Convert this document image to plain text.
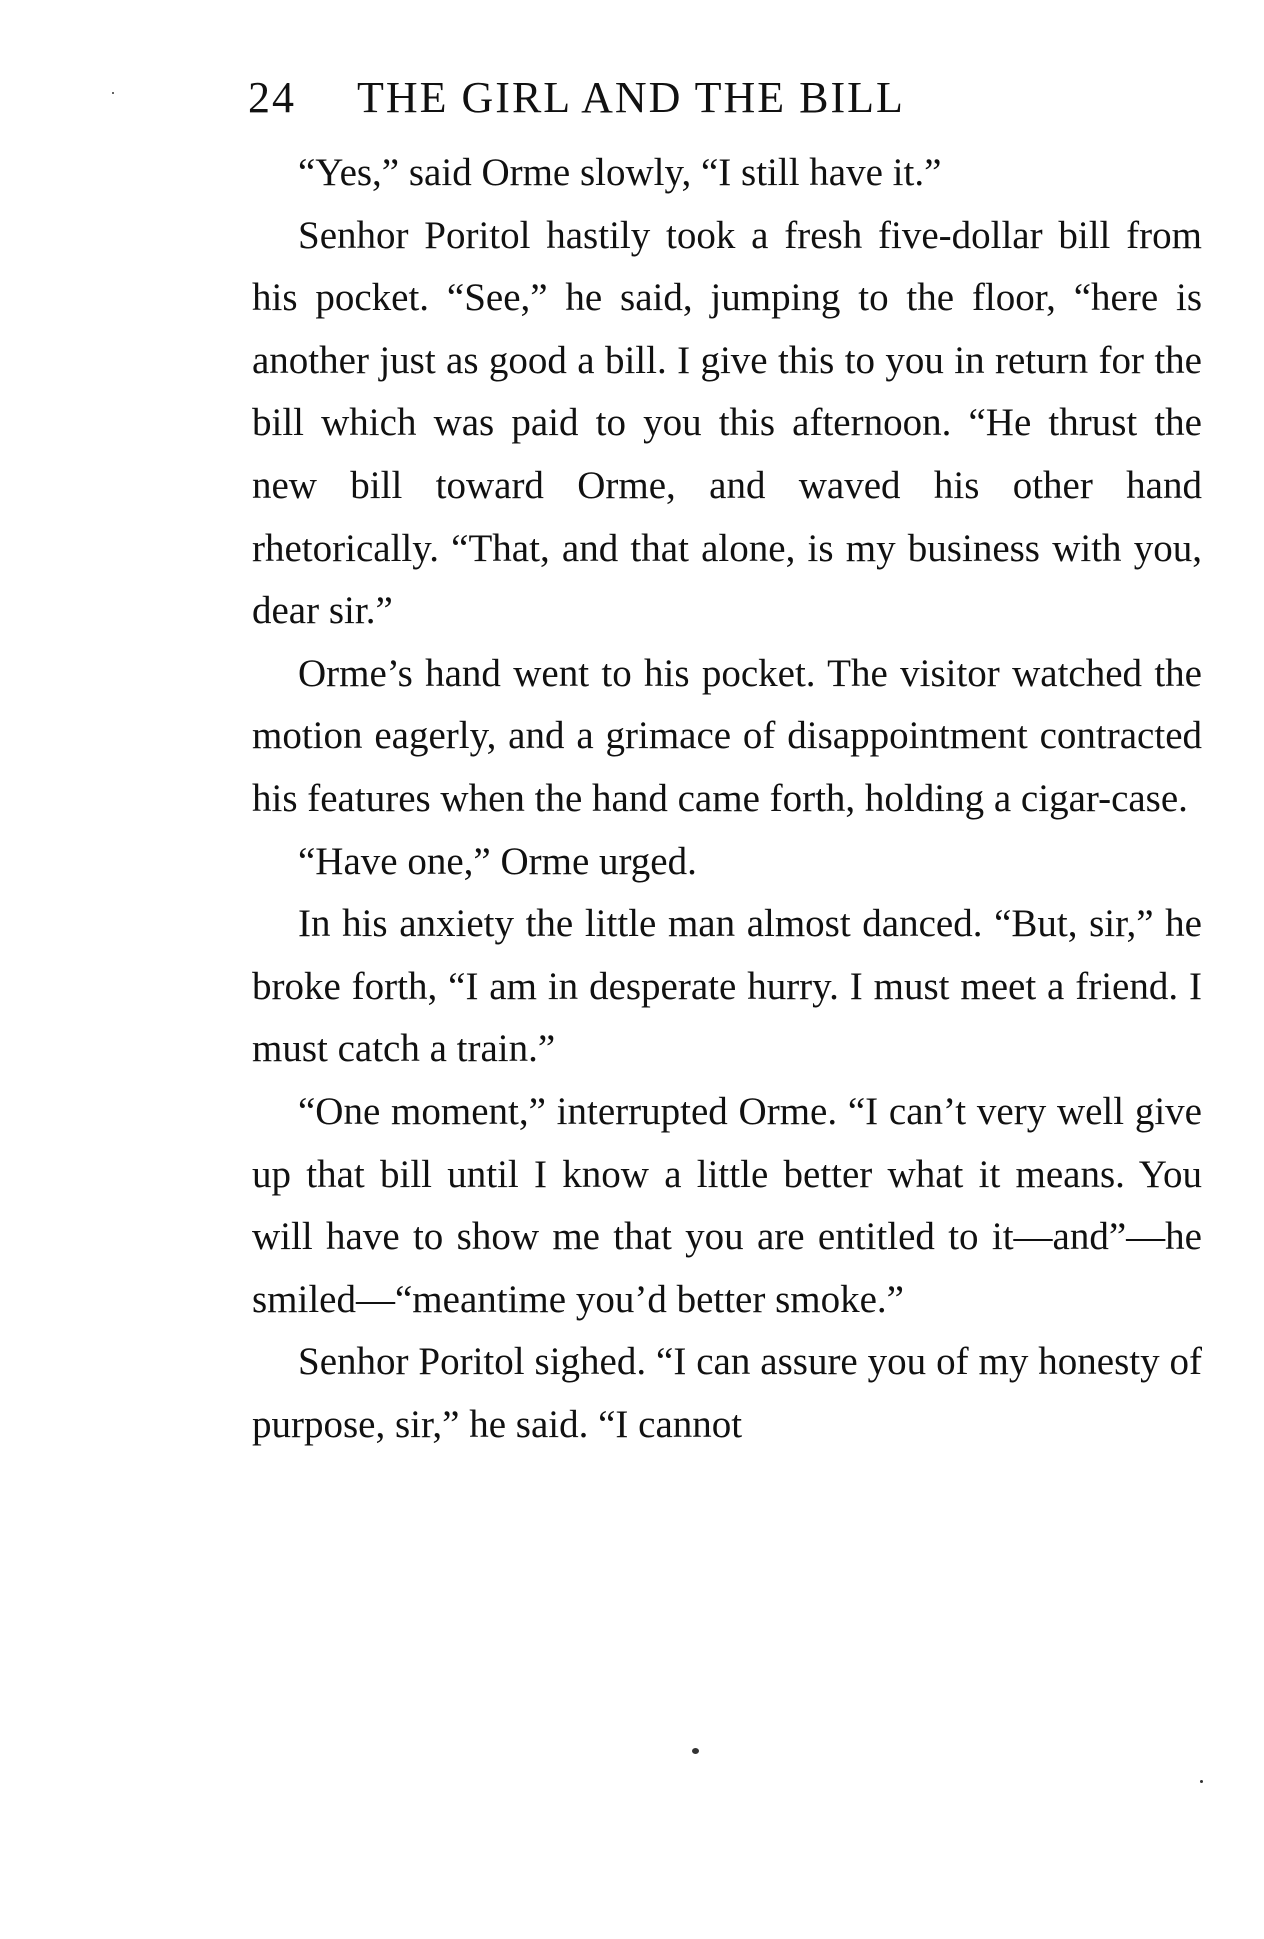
24 THE GIRL AND THE BILL

“Yes,” said Orme slowly, “I still have it.”

Senhor Poritol hastily took a fresh five-dollar bill from his pocket. “See,” he said, jumping to the floor, “here is another just as good a bill. I give this to you in return for the bill which was paid to you this afternoon. “He thrust the new bill toward Orme, and waved his other hand rhetorically. “That, and that alone, is my business with you, dear sir.”

Orme’s hand went to his pocket. The visitor watched the motion eagerly, and a grimace of disappointment contracted his features when the hand came forth, holding a cigar-case.

“Have one,” Orme urged.

In his anxiety the little man almost danced. “But, sir,” he broke forth, “I am in desperate hurry. I must meet a friend. I must catch a train.”

“One moment,” interrupted Orme. “I can’t very well give up that bill until I know a little better what it means. You will have to show me that you are entitled to it—and”—he smiled—“meantime you’d better smoke.”

Senhor Poritol sighed. “I can assure you of my honesty of purpose, sir,” he said. “I cannot
